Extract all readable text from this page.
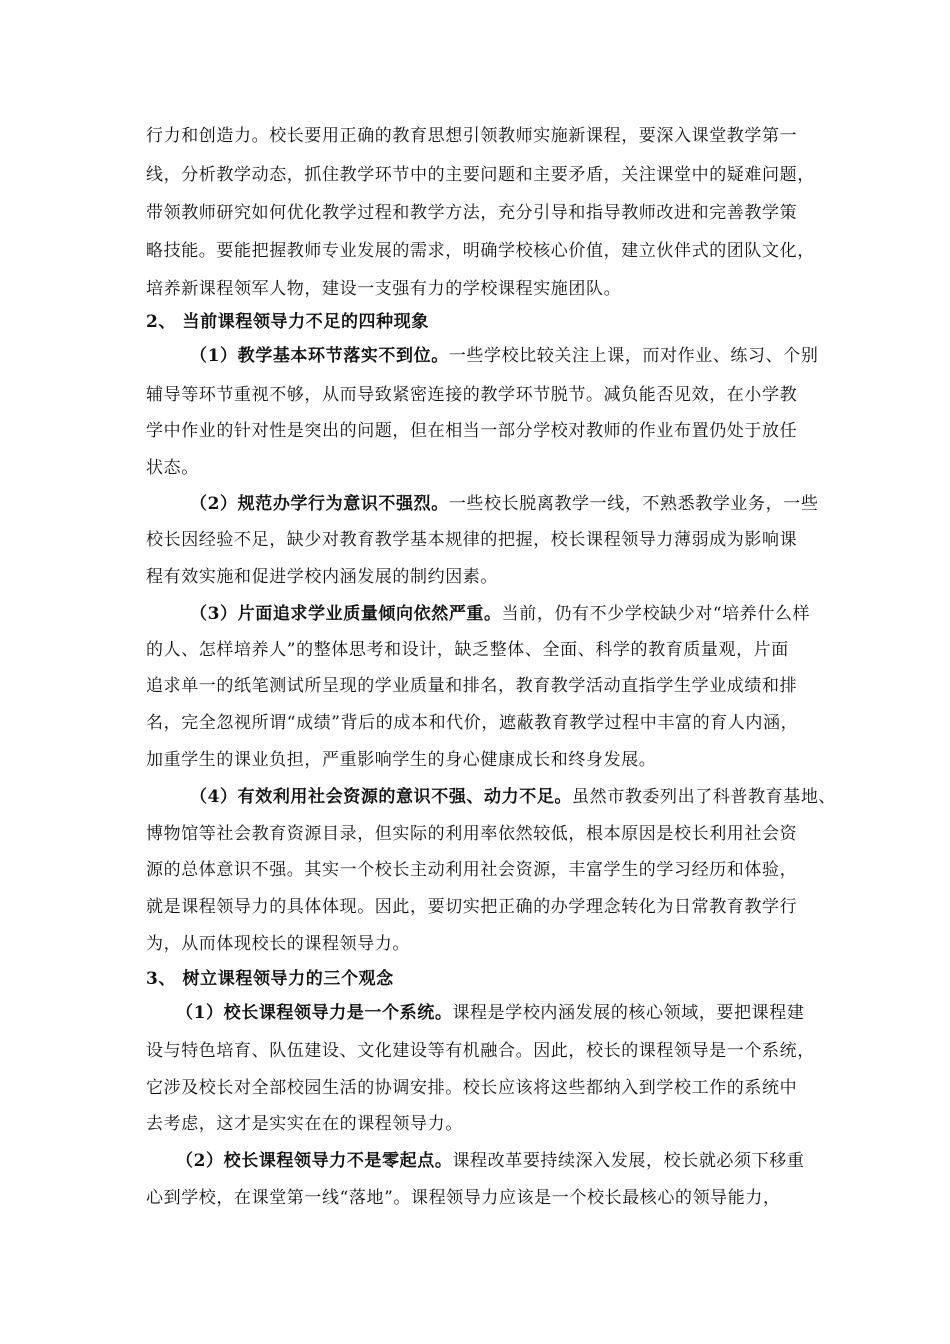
行力和创造力。校长要用正确的教育思想引领教师实施新课程，要深入课堂教学第一
线，分析教学动态，抓住教学环节中的主要问题和主要矛盾，关注课堂中的疑难问题，
带领教师研究如何优化教学过程和教学方法，充分引导和指导教师改进和完善教学策
略技能。要能把握教师专业发展的需求，明确学校核心价值，建立伙伴式的团队文化，
培养新课程领军人物，建设一支强有力的学校课程实施团队。
2、 当前课程领导力不足的四种现象
（1）教学基本环节落实不到位。一些学校比较关注上课，而对作业、练习、个别
辅导等环节重视不够，从而导致紧密连接的教学环节脱节。减负能否见效，在小学教
学中作业的针对性是突出的问题，但在相当一部分学校对教师的作业布置仍处于放任
状态。
（2）规范办学行为意识不强烈。一些校长脱离教学一线，不熟悉教学业务，一些
校长因经验不足，缺少对教育教学基本规律的把握，校长课程领导力薄弱成为影响课
程有效实施和促进学校内涵发展的制约因素。
（3）片面追求学业质量倾向依然严重。当前，仍有不少学校缺少对“培养什么样
的人、怎样培养人”的整体思考和设计，缺乏整体、全面、科学的教育质量观，片面
追求单一的纸笔测试所呈现的学业质量和排名，教育教学活动直指学生学业成绩和排
名，完全忽视所谓“成绩”背后的成本和代价，遮蔽教育教学过程中丰富的育人内涵，
加重学生的课业负担，严重影响学生的身心健康成长和终身发展。
（4）有效利用社会资源的意识不强、动力不足。虽然市教委列出了科普教育基地、
博物馆等社会教育资源目录，但实际的利用率依然较低，根本原因是校长利用社会资
源的总体意识不强。其实一个校长主动利用社会资源，丰富学生的学习经历和体验，
就是课程领导力的具体体现。因此，要切实把正确的办学理念转化为日常教育教学行
为，从而体现校长的课程领导力。
3、 树立课程领导力的三个观念
（1）校长课程领导力是一个系统。课程是学校内涵发展的核心领域，要把课程建
设与特色培育、队伍建设、文化建设等有机融合。因此，校长的课程领导是一个系统，
它涉及校长对全部校园生活的协调安排。校长应该将这些都纳入到学校工作的系统中
去考虑，这才是实实在在的课程领导力。
（2）校长课程领导力不是零起点。课程改革要持续深入发展，校长就必须下移重
心到学校，在课堂第一线“落地”。课程领导力应该是一个校长最核心的领导能力，
